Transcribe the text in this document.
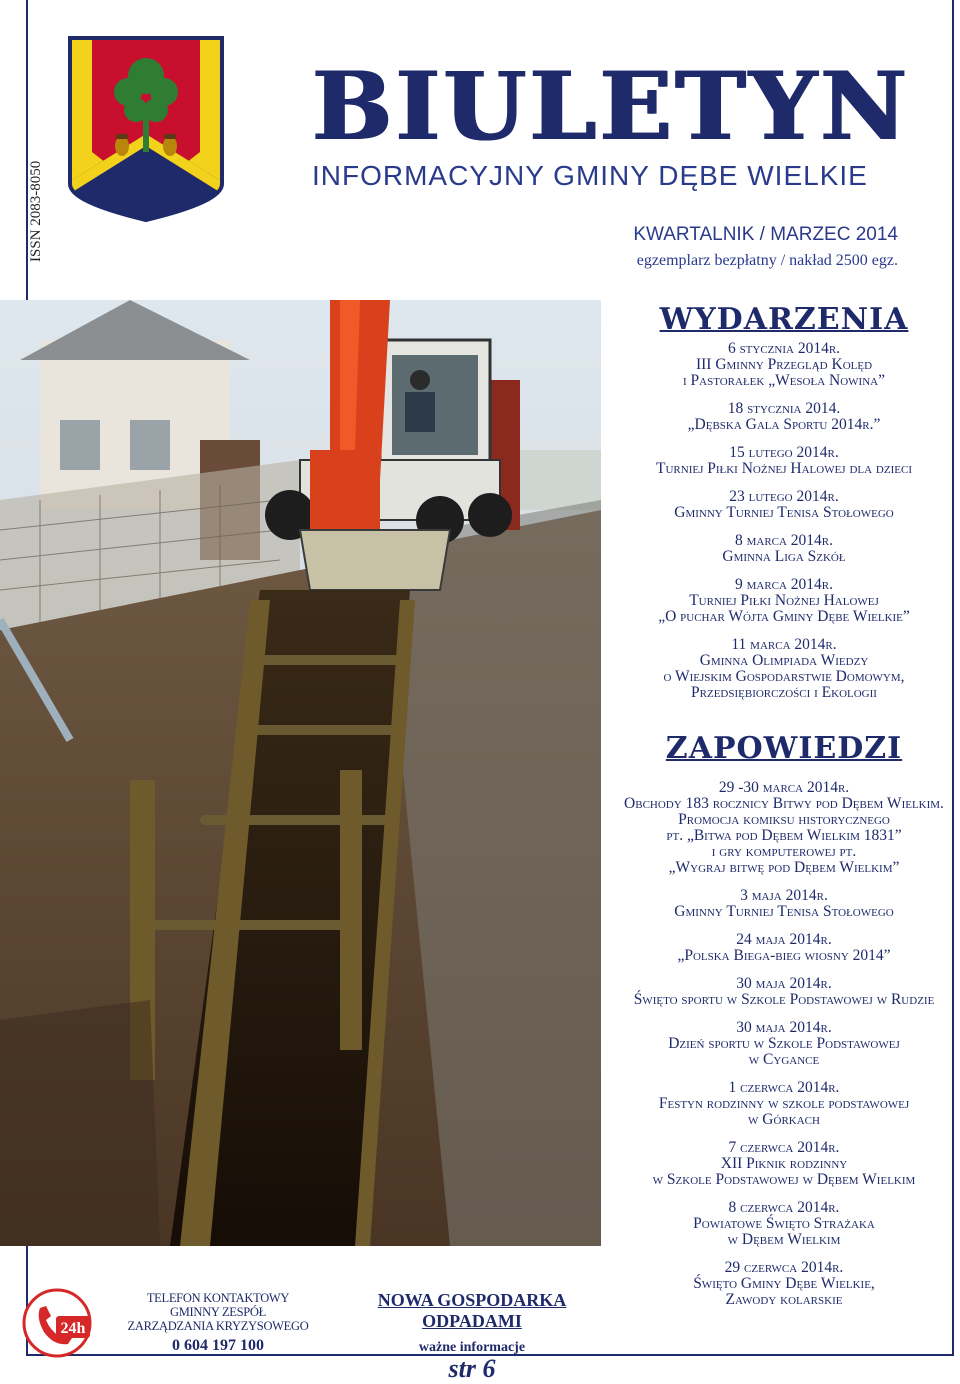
ISSN 2083-8050
BIULETYN
INFORMACYJNY GMINY DĘBE WIELKIE
KWARTALNIK / MARZEC 2014
egzemplarz bezpłatny / nakład 2500 egz.
WYDARZENIA
6 stycznia 2014r.
III Gminny Przegląd Kolęd
i Pastorałek „Wesoła Nowina”
18 stycznia 2014.
„Dębska Gala Sportu 2014r.”
15 lutego 2014r.
Turniej Piłki Nożnej Halowej dla dzieci
23 lutego 2014r.
Gminny Turniej Tenisa Stołowego
8 marca 2014r.
Gminna Liga Szkół
9 marca 2014r.
Turniej Piłki Nożnej Halowej
„O puchar Wójta Gminy Dębe Wielkie”
11 marca 2014r.
Gminna Olimpiada Wiedzy
o Wiejskim Gospodarstwie Domowym,
Przedsiębiorczości i Ekologii
ZAPOWIEDZI
29 -30 marca 2014r.
Obchody 183 rocznicy Bitwy pod Dębem Wielkim.
Promocja komiksu historycznego
pt. „Bitwa pod Dębem Wielkim 1831”
i gry komputerowej pt.
„Wygraj bitwę pod Dębem Wielkim”
3 maja 2014r.
Gminny Turniej Tenisa Stołowego
24 maja 2014r.
„Polska Biega-bieg wiosny 2014”
30 maja 2014r.
Święto sportu w Szkole Podstawowej w Rudzie
30 maja 2014r.
Dzień sportu w Szkole Podstawowej
w Cygance
1 czerwca 2014r.
Festyn rodzinny w szkole podstawowej
w Górkach
7 czerwca 2014r.
XII Piknik rodzinny
w Szkole Podstawowej w Dębem Wielkim
8 czerwca 2014r.
Powiatowe Święto Strażaka
w Dębem Wielkim
29 czerwca 2014r.
Święto Gminy Dębe Wielkie,
Zawody kolarskie
24h
TELEFON KONTAKTOWY
GMINNY ZESPÓŁ
ZARZĄDZANIA KRYZYSOWEGO
0 604 197 100
NOWA GOSPODARKA ODPADAMI
ważne informacje
str 6
